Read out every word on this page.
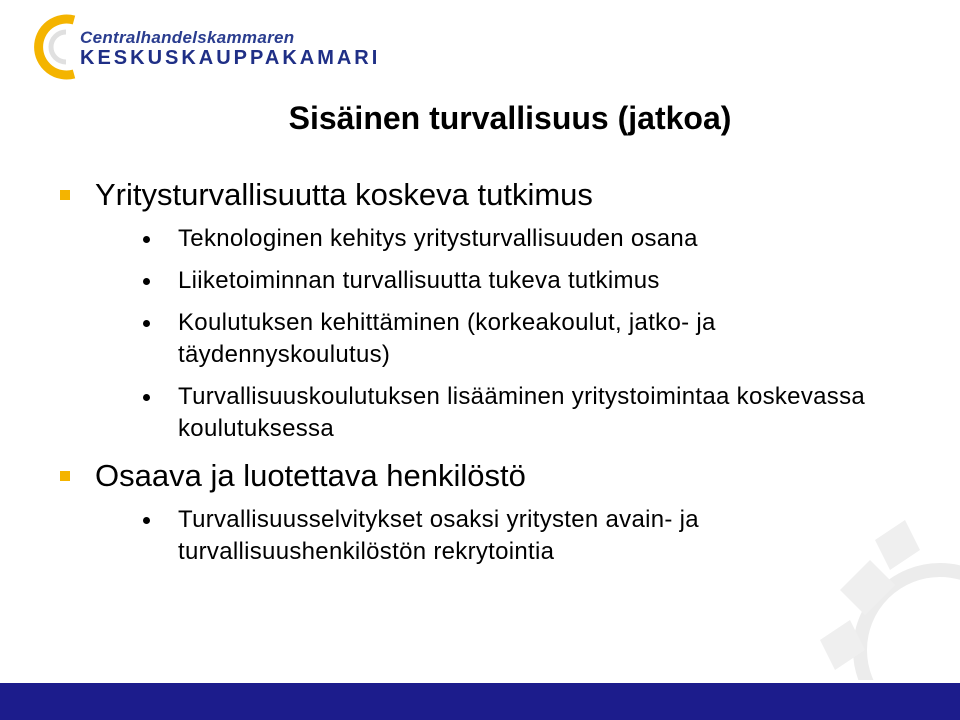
Centralhandelskammaren
KESKUSKAUPPAKAMARI
Sisäinen turvallisuus (jatkoa)
Yritysturvallisuutta koskeva tutkimus
Teknologinen kehitys yritysturvallisuuden osana
Liiketoiminnan turvallisuutta tukeva tutkimus
Koulutuksen kehittäminen (korkeakoulut, jatko- ja täydennyskoulutus)
Turvallisuuskoulutuksen lisääminen yritystoimintaa koskevassa koulutuksessa
Osaava ja luotettava henkilöstö
Turvallisuusselvitykset osaksi yritysten avain- ja turvallisuushenkilöstön rekrytointia
